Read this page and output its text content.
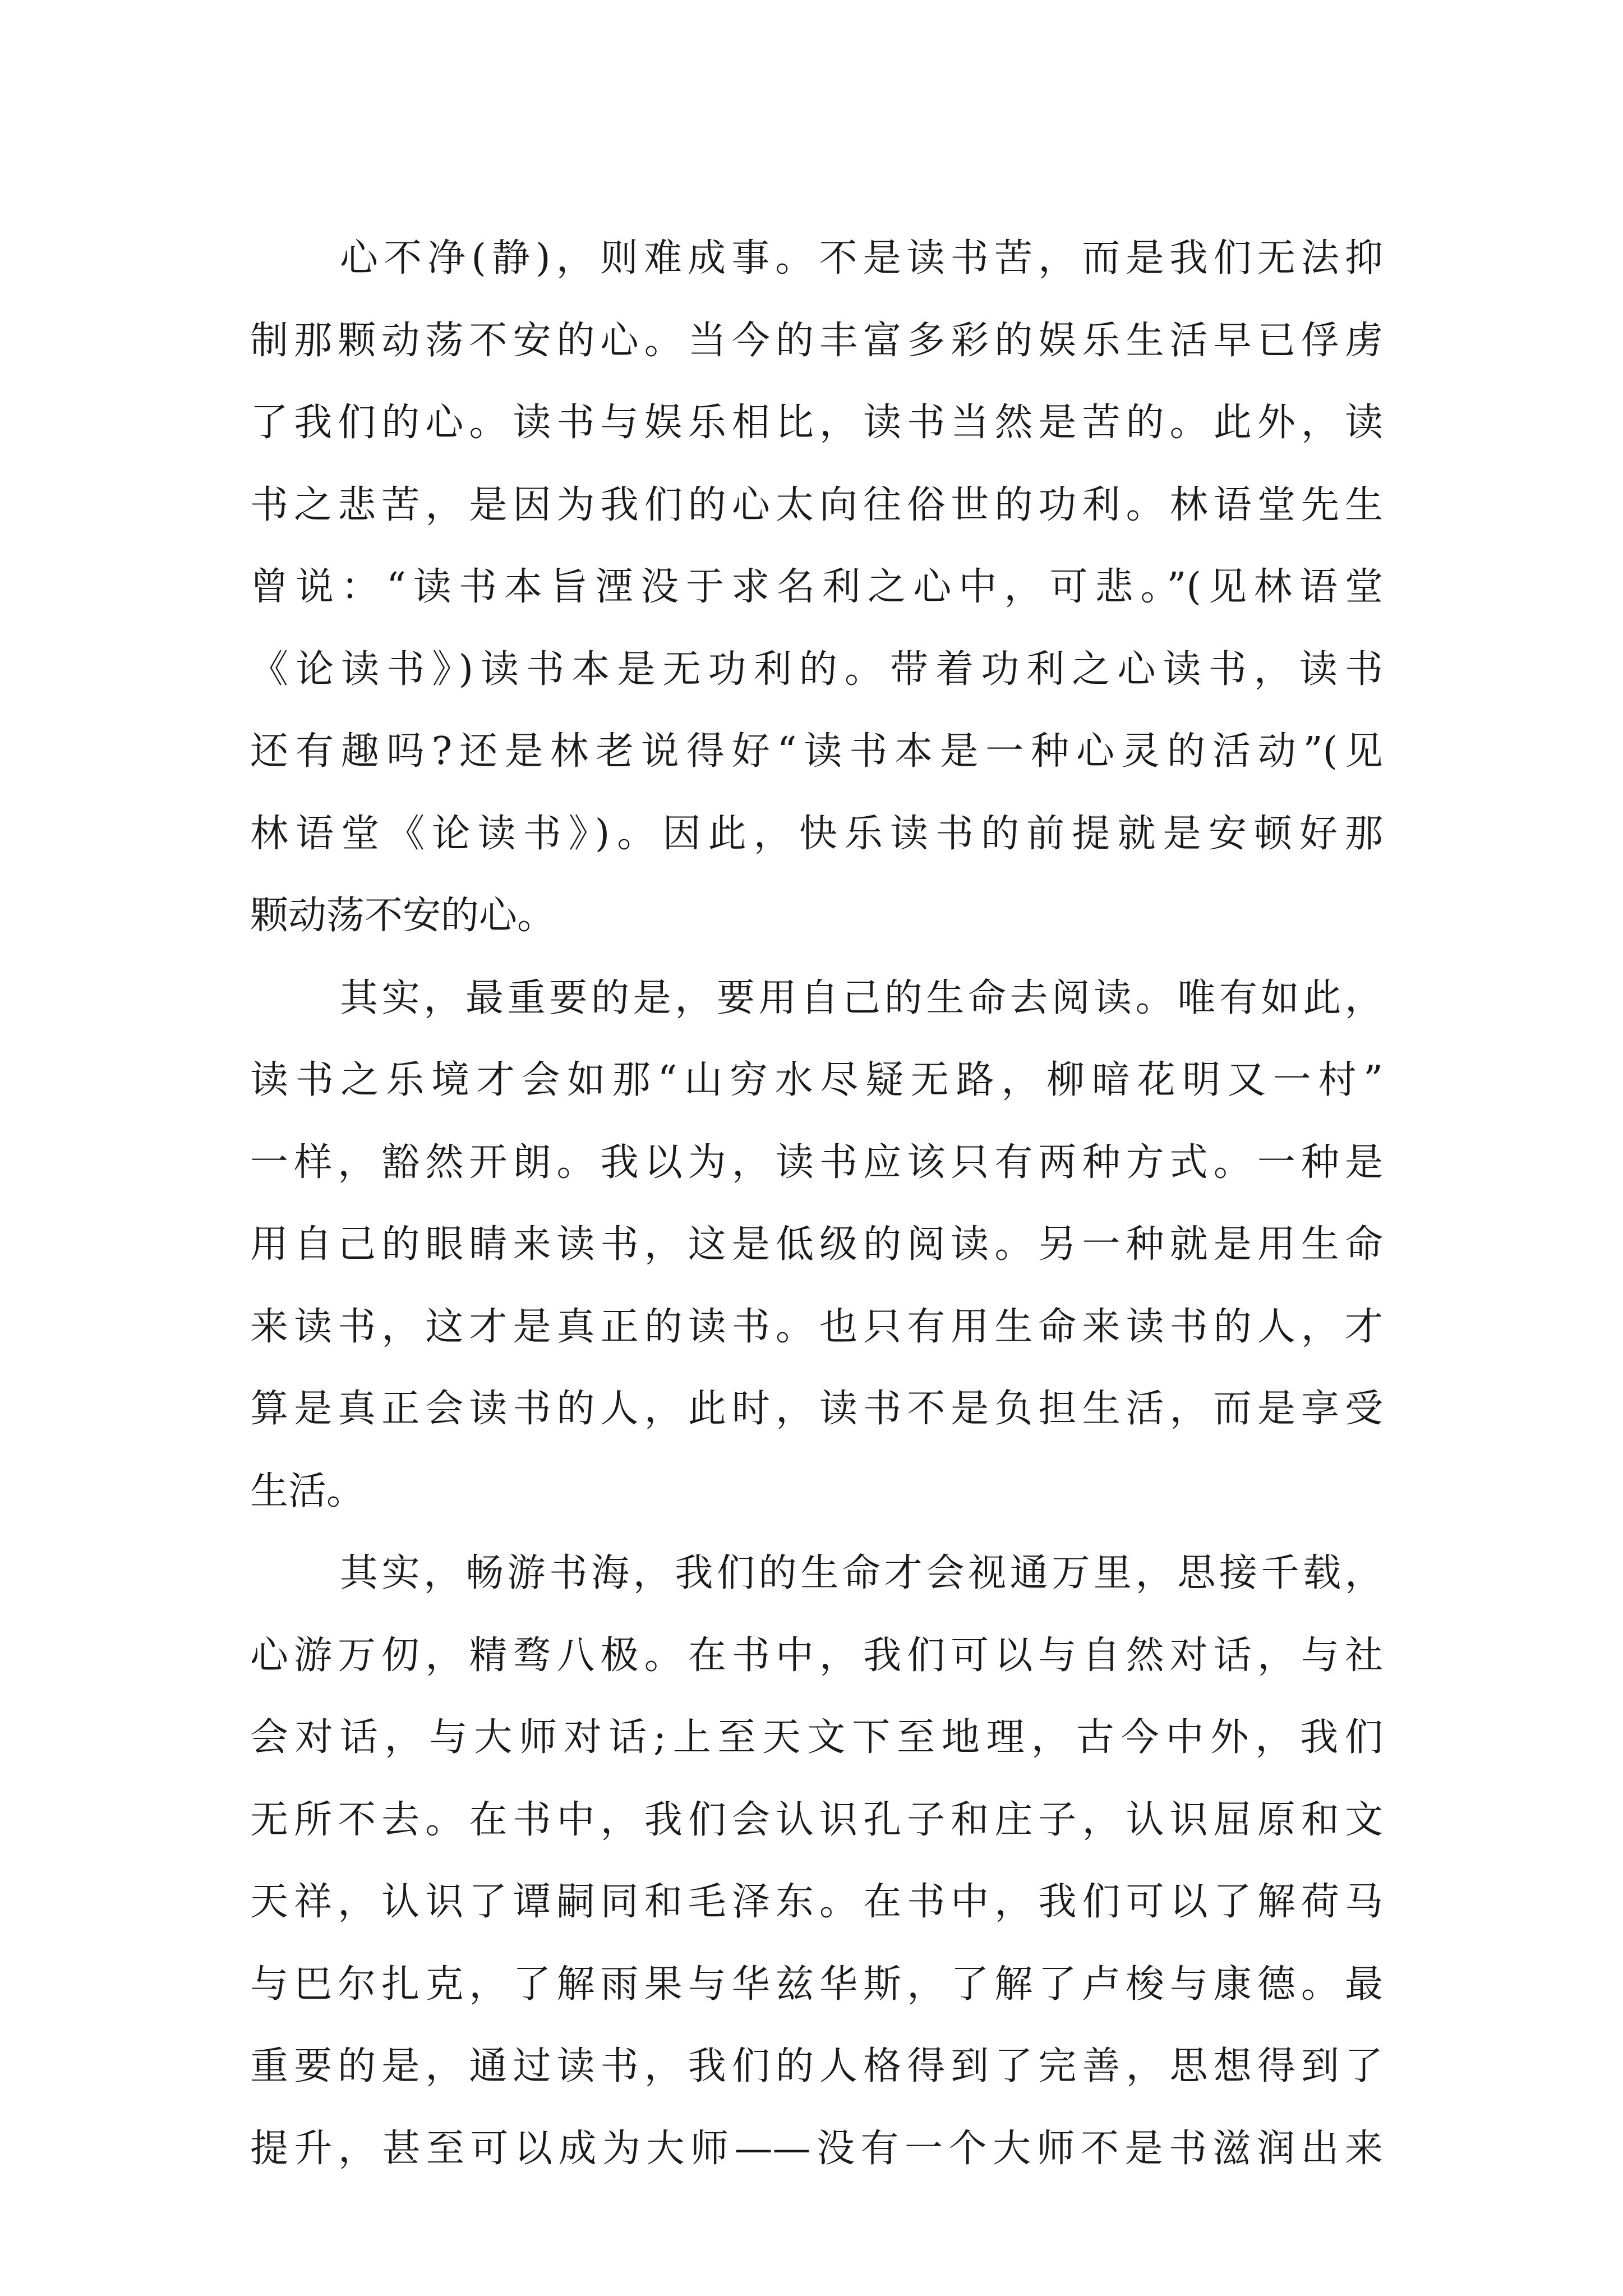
心不净(静)，则难成事。不是读书苦，而是我们无法抑
制那颗动荡不安的心。当今的丰富多彩的娱乐生活早已俘虏
了我们的心。读书与娱乐相比，读书当然是苦的。此外，读
书之悲苦，是因为我们的心太向往俗世的功利。林语堂先生
曾说：“读书本旨湮没于求名利之心中，可悲。”(见林语堂
《论读书》)读书本是无功利的。带着功利之心读书，读书
还有趣吗?还是林老说得好“读书本是一种心灵的活动”(见
林语堂《论读书》)。因此，快乐读书的前提就是安顿好那
颗动荡不安的心。
其实，最重要的是，要用自己的生命去阅读。唯有如此，
读书之乐境才会如那“山穷水尽疑无路，柳暗花明又一村”
一样，豁然开朗。我以为，读书应该只有两种方式。一种是
用自己的眼睛来读书，这是低级的阅读。另一种就是用生命
来读书，这才是真正的读书。也只有用生命来读书的人，才
算是真正会读书的人，此时，读书不是负担生活，而是享受
生活。
其实，畅游书海，我们的生命才会视通万里，思接千载，
心游万仞，精骛八极。在书中，我们可以与自然对话，与社
会对话，与大师对话;上至天文下至地理，古今中外，我们
无所不去。在书中，我们会认识孔子和庄子，认识屈原和文
天祥，认识了谭嗣同和毛泽东。在书中，我们可以了解荷马
与巴尔扎克，了解雨果与华兹华斯，了解了卢梭与康德。最
重要的是，通过读书，我们的人格得到了完善，思想得到了
提升，甚至可以成为大师——没有一个大师不是书滋润出来
